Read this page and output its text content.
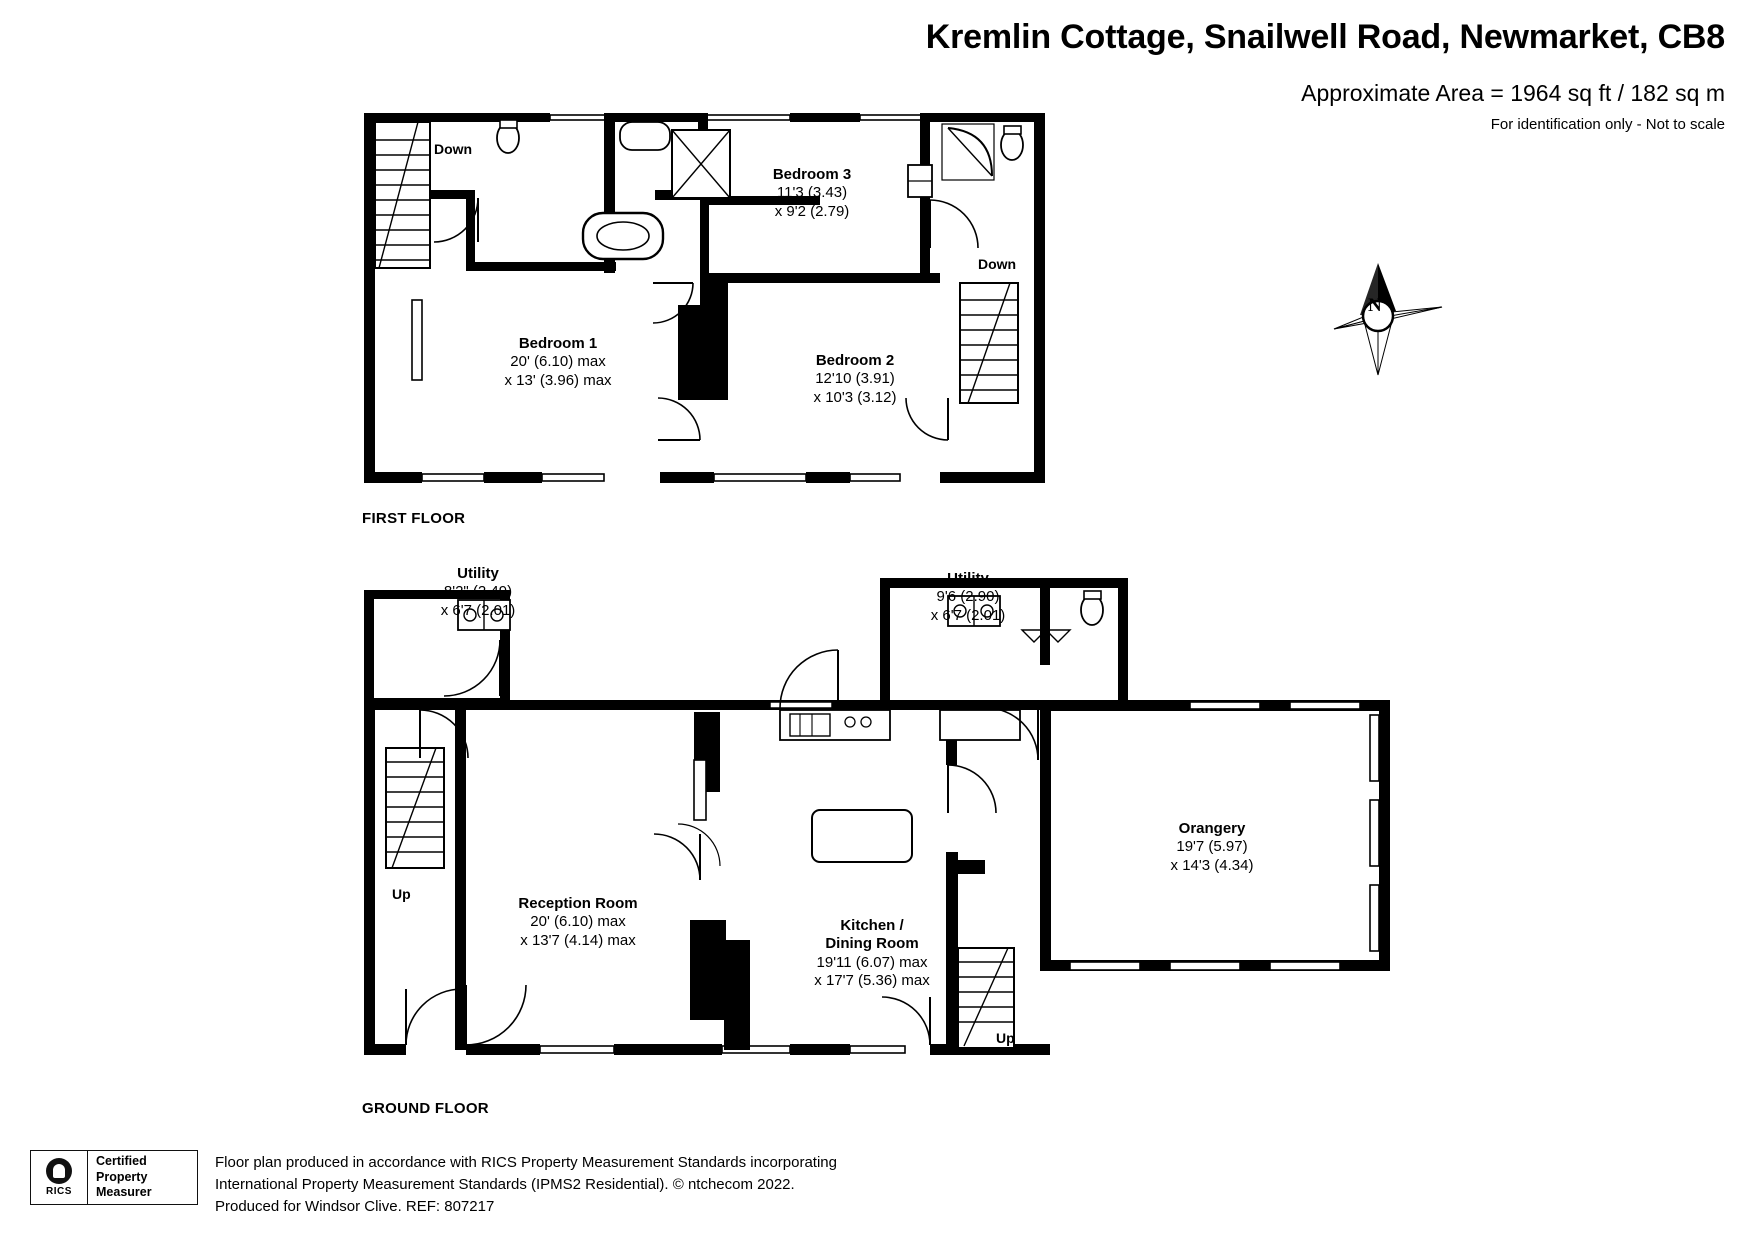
Kremlin Cottage, Snailwell Road, Newmarket, CB8
Approximate Area = 1964 sq ft / 182 sq m
For identification only - Not to scale
N
Down
Down
Bedroom 3
11'3 (3.43)
x 9'2 (2.79)
Bedroom 1
20' (6.10) max
x 13' (3.96) max
Bedroom 2
12'10 (3.91)
x 10'3 (3.12)
FIRST FLOOR
Up
Up
Utility
8'2" (2.49)
x 6'7 (2.01)
Utility
9'6 (2.90)
x 6'7 (2.01)
Orangery
19'7 (5.97)
x 14'3 (4.34)
Reception Room
20' (6.10) max
x 13'7 (4.14) max
Kitchen /
Dining Room
19'11 (6.07) max
x 17'7 (5.36) max
GROUND FLOOR
RICS
Certified
Property
Measurer
Floor plan produced in accordance with RICS Property Measurement Standards incorporating
International Property Measurement Standards (IPMS2 Residential). © ntchecom 2022.
Produced for Windsor Clive. REF: 807217
